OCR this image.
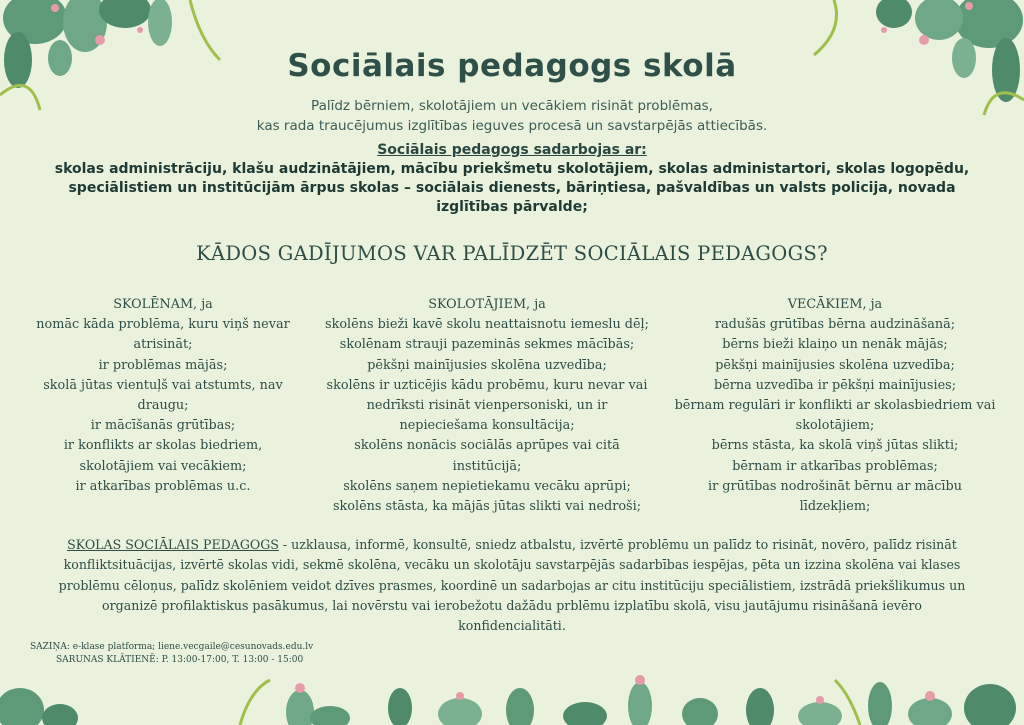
Sociālais pedagogs skolā
Palīdz bērniem, skolotājiem un vecākiem risināt problēmas,
kas rada traucējumus izglītības ieguves procesā un savstarpējās attiecībās.
Sociālais pedagogs sadarbojas ar:
skolas administrāciju, klašu audzinātājiem, mācību priekšmetu skolotājiem, skolas administartori, skolas logopēdu, speciālistiem un institūcijām ārpus skolas – sociālais dienests, bāriņtiesa, pašvaldības un valsts policija, novada izglītības pārvalde;
KĀDOS GADĪJUMOS VAR PALĪDZĒT SOCIĀLAIS PEDAGOGS?
SKOLĒNAM, ja
nomāc kāda problēma, kuru viņš nevar
atrisināt;
ir problēmas mājās;
skolā jūtas vientuļš vai atstumts, nav
draugu;
ir mācīšanās grūtības;
ir konflikts ar skolas biedriem,
skolotājiem vai vecākiem;
ir atkarības problēmas u.c.
SKOLOTĀJIEM, ja
skolēns bieži kavē skolu neattaisnotu iemeslu dēļ;
skolēnam strauji pazeminās sekmes mācībās;
pēkšņi mainījusies skolēna uzvedība;
skolēns ir uzticējis kādu probēmu, kuru nevar vai
nedrīksti risināt vienpersoniski, un ir
nepieciešama konsultācija;
skolēns nonācis sociālās aprūpes vai citā
institūcijā;
skolēns saņem nepietiekamu vecāku aprūpi;
skolēns stāsta, ka mājās jūtas slikti vai nedroši;
VECĀKIEM, ja
radušās grūtības bērna audzināšanā;
bērns bieži klaiņo un nenāk mājās;
pēkšņi mainījusies skolēna uzvedība;
bērna uzvedība ir pēkšņi mainījusies;
bērnam regulāri ir konflikti ar skolasbiedriem vai
skolotājiem;
bērns stāsta, ka skolā viņš jūtas slikti;
bērnam ir atkarības problēmas;
ir grūtības nodrošināt bērnu ar mācību
līdzekļiem;
SKOLAS SOCIĀLAIS PEDAGOGS - uzklausa, informē, konsultē, sniedz atbalstu, izvērtē problēmu un palīdz to risināt, novēro, palīdz risināt konfliktsituācijas, izvērtē skolas vidi, sekmē skolēna, vecāku un skolotāju savstarpējās sadarbības iespējas, pēta un izzina skolēna vai klases problēmu cēloņus, palīdz skolēniem veidot dzīves prasmes, koordinē un sadarbojas ar citu institūciju speciālistiem, izstrādā priekšlikumus un organizē profilaktiskus pasākumus, lai novērstu vai ierobežotu dažādu prblēmu izplatību skolā, visu jautājumu risināšanā ievēro konfidencialitāti.
SAZIŅA: e-klase platforma; liene.vecgaile@cesunovads.edu.lv
SARUNAS KLĀTIENĒ: P. 13:00-17:00, T. 13:00 - 15:00
